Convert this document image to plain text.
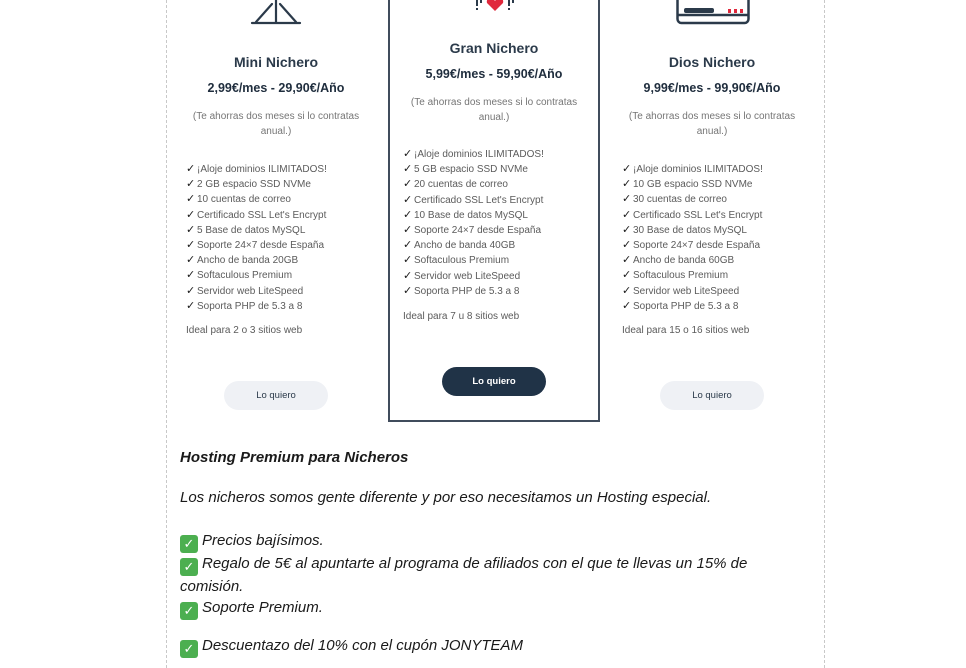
Mini Nichero
2,99€/mes - 29,90€/Año
(Te ahorras dos meses si lo contratas anual.)
✓ ¡Aloje dominios ILIMITADOS!
✓ 2 GB espacio SSD NVMe
✓ 10 cuentas de correo
✓ Certificado SSL Let's Encrypt
✓ 5 Base de datos MySQL
✓ Soporte 24×7 desde España
✓ Ancho de banda 20GB
✓ Softaculous Premium
✓ Servidor web LiteSpeed
✓ Soporta PHP de 5.3 a 8
Ideal para 2 o 3 sitios web
Lo quiero
Gran Nichero
5,99€/mes - 59,90€/Año
(Te ahorras dos meses si lo contratas anual.)
✓ ¡Aloje dominios ILIMITADOS!
✓ 5 GB espacio SSD NVMe
✓ 20 cuentas de correo
✓ Certificado SSL Let's Encrypt
✓ 10 Base de datos MySQL
✓ Soporte 24×7 desde España
✓ Ancho de banda 40GB
✓ Softaculous Premium
✓ Servidor web LiteSpeed
✓ Soporta PHP de 5.3 a 8
Ideal para 7 u 8 sitios web
Lo quiero
Dios Nichero
9,99€/mes - 99,90€/Año
(Te ahorras dos meses si lo contratas anual.)
✓ ¡Aloje dominios ILIMITADOS!
✓ 10 GB espacio SSD NVMe
✓ 30 cuentas de correo
✓ Certificado SSL Let's Encrypt
✓ 30 Base de datos MySQL
✓ Soporte 24×7 desde España
✓ Ancho de banda 60GB
✓ Softaculous Premium
✓ Servidor web LiteSpeed
✓ Soporta PHP de 5.3 a 8
Ideal para 15 o 16 sitios web
Lo quiero
Hosting Premium para Nicheros
Los nicheros somos gente diferente y por eso necesitamos un Hosting especial.

✓ Precios bajísimos.

✓ Regalo de 5€ al apuntarte al programa de afiliados con el que te llevas un 15% de comisión.

✓ Soporte Premium.

✓ Descuentazo del 10% con el cupón JONYTEAM
